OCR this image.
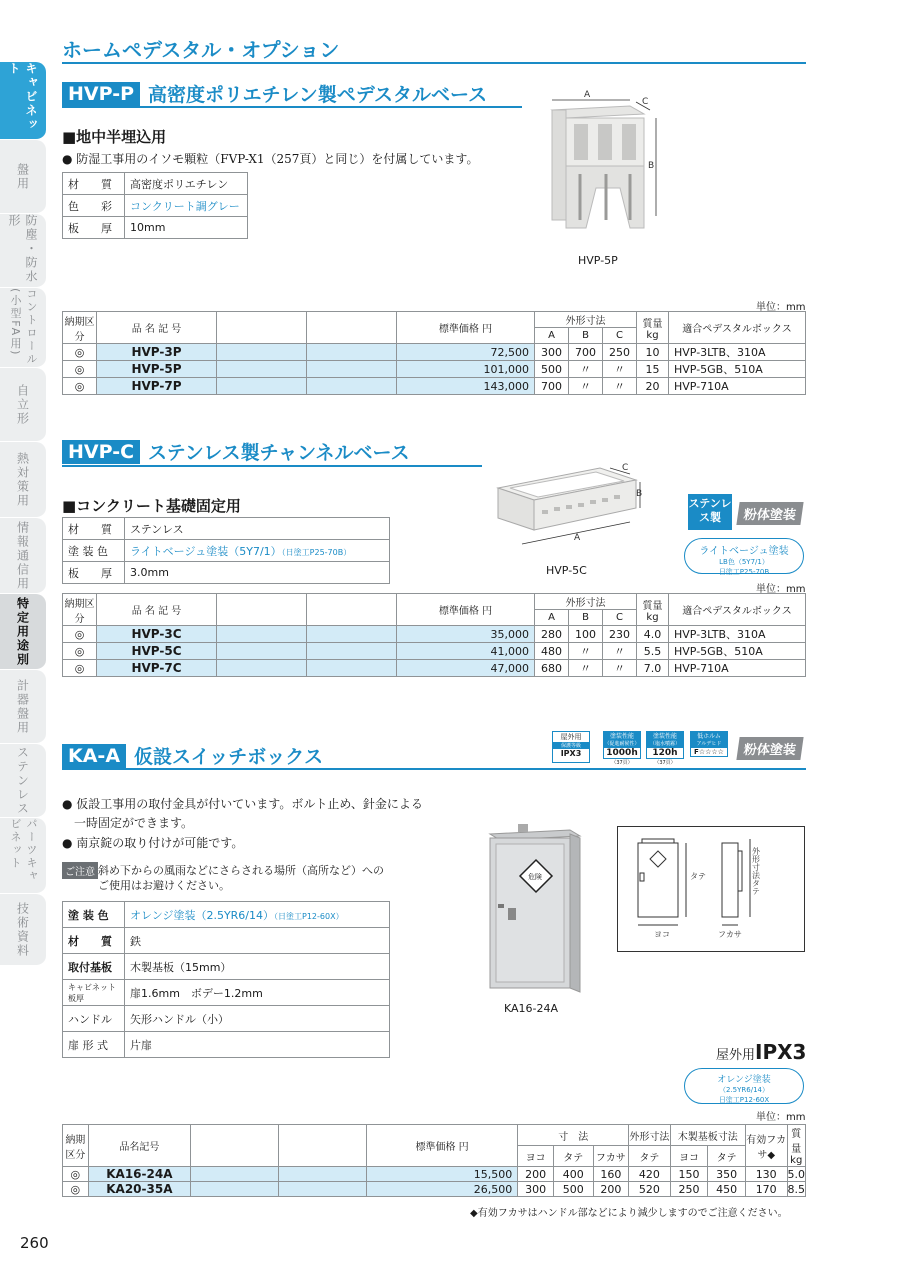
キャビネット
盤用
防塵・防水形
コントロール(小型FA用)
自立形
熱対策用
情報通信用
特定用途別
計器盤用
ステンレス
パーツキャビネット
技術資料
ホームペデスタル・オプション
HVP-P 高密度ポリエチレン製ペデスタルベース
■地中半埋込用
● 防湿工事用のイソモ顆粒（FVP-X1（257頁）と同じ）を付属しています。
材　　質	高密度ポリエチレン
色　　彩	コンクリート調グレー
板　　厚	10mm
A
C
B
HVP-5P
単位：mm
納期区分	品 名 記 号			標準価格 円	外形寸法			質量kg	適合ペデスタルボックス
					A	B	C		
◎	HVP-3P			72,500	300	700	250	10	HVP-3LTB、310A
◎	HVP-5P			101,000	500	〃	〃	15	HVP-5GB、510A
◎	HVP-7P			143,000	700	〃	〃	20	HVP-710A
HVP-C ステンレス製チャンネルベース
■コンクリート基礎固定用
材　　質	ステンレス
塗 装 色	ライトベージュ塗装（5Y7/1）（日塗工P25-70B）
板　　厚	3.0mm
A
C
B
HVP-5C
ステンレス製	粉体塗装
ライトベージュ塗装
LB色（5Y7/1）
日塗工P25-70B
単位：mm
納期区分	品 名 記 号			標準価格 円	外形寸法			質量kg	適合ペデスタルボックス
					A	B	C		
◎	HVP-3C			35,000	280	100	230	4.0	HVP-3LTB、310A
◎	HVP-5C			41,000	480	〃	〃	5.5	HVP-5GB、510A
◎	HVP-7C			47,000	680	〃	〃	7.0	HVP-710A
KA-A 仮設スイッチボックス
屋外用
保護等級
IPX3
塗装性能
（促進耐候性）
1000h
（37頁）
塗装性能
（塩水噴霧）
120h
（37頁）
低ホルム
アルデヒド
F☆☆☆☆	粉体塗装
● 仮設工事用の取付金具が付いています。ボルト止め、針金による
　一時固定ができます。
● 南京錠の取り付けが可能です。
ご注意 斜め下からの風雨などにさらされる場所（高所など）への
ご使用はお避けください。
塗 装 色	オレンジ塗装（2.5YR6/14）（日塗工P12-60X）
材　　質	鉄
取付基板	木製基板（15mm）
キャビネット板厚	扉1.6mm　ボデー1.2mm
ハンドル	矢形ハンドル（小）
扉 形 式	片扉
危険
KA16-24A
ヨコ
タテ
フカサ
外形寸法タテ
屋外用 IPX3
オレンジ塗装
（2.5YR6/14）
日塗工P12-60X
単位：mm
納期区分	品名記号			標準価格 円	寸　法			外形寸法	木製基板寸法		有効フカサ◆	質量kg
					ヨコ	タテ	フカサ	タテ	ヨコ	タテ		
◎	KA16-24A			15,500	200	400	160	420	150	350	130	5.0
◎	KA20-35A			26,500	300	500	200	520	250	450	170	8.5
◆有効フカサはハンドル部などにより減少しますのでご注意ください。
260
